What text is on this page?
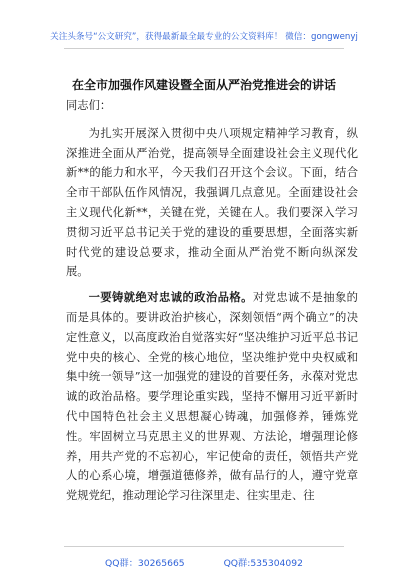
关注头条号“公文研究”，获得最新最全最专业的公文资料库！ 微信：gongwenyj
在全市加强作风建设暨全面从严治党推进会的讲话

同志们：

为扎实开展深入贯彻中央八项规定精神学习教育，纵深推进全面从严治党，提高领导全面建设社会主义现代化新**的能力和水平，今天我们召开这个会议。下面，结合全市干部队伍作风情况，我强调几点意见。全面建设社会主义现代化新**，关键在党，关键在人。我们要深入学习贯彻习近平总书记关于党的建设的重要思想，全面落实新时代党的建设总要求，推动全面从严治党不断向纵深发展。

一要铸就绝对忠诚的政治品格。对党忠诚不是抽象的而是具体的。要讲政治护核心，深刻领悟“两个确立”的决定性意义，以高度政治自觉落实好“坚决维护习近平总书记党中央的核心、全党的核心地位，坚决维护党中央权威和集中统一领导”这一加强党的建设的首要任务，永葆对党忠诚的政治品格。要学理论重实践，坚持不懈用习近平新时代中国特色社会主义思想凝心铸魂，加强修养，锤炼党性。牢固树立马克思主义的世界观、方法论，增强理论修养，用共产党的不忘初心，牢记使命的责任，领悟共产党人的心系心境，增强道德修养，做有品行的人，遵守党章党规党纪，推动理论学习往深里走、往实里走、往

QQ群：30265665	QQ群:535304092
